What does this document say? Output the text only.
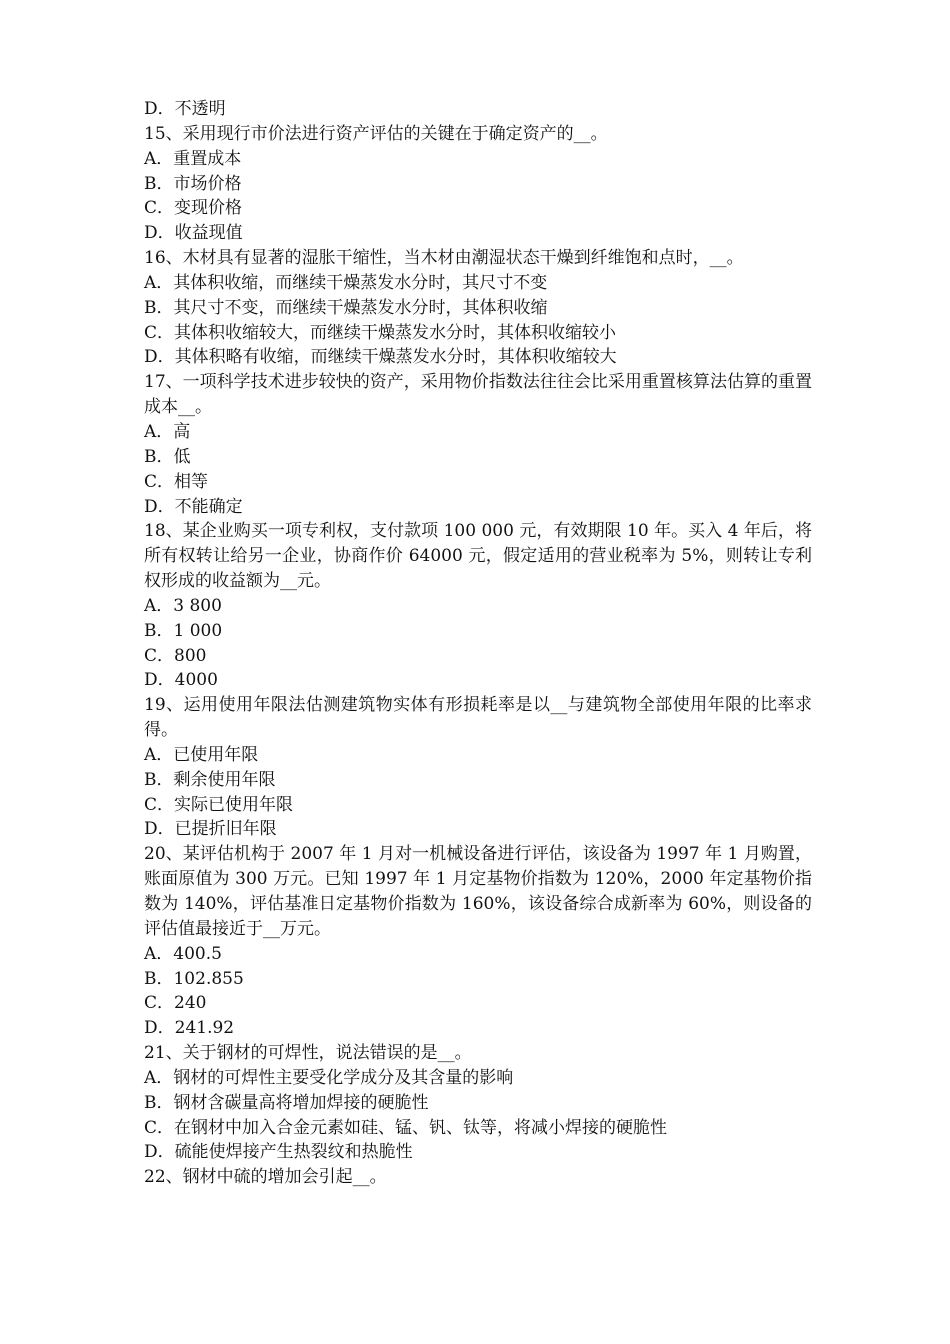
D．不透明
15、采用现行市价法进行资产评估的关键在于确定资产的__。
A．重置成本
B．市场价格
C．变现价格
D．收益现值
16、木材具有显著的湿胀干缩性，当木材由潮湿状态干燥到纤维饱和点时，__。
A．其体积收缩，而继续干燥蒸发水分时，其尺寸不变
B．其尺寸不变，而继续干燥蒸发水分时，其体积收缩
C．其体积收缩较大，而继续干燥蒸发水分时，其体积收缩较小
D．其体积略有收缩，而继续干燥蒸发水分时，其体积收缩较大
17、一项科学技术进步较快的资产，采用物价指数法往往会比采用重置核算法估算的重置成本__。
A．高
B．低
C．相等
D．不能确定
18、某企业购买一项专利权，支付款项 100 000 元，有效期限 10 年。买入 4 年后，将所有权转让给另一企业，协商作价 64000 元，假定适用的营业税率为 5%，则转让专利权形成的收益额为__元。
A．3 800
B．1 000
C．800
D．4000
19、运用使用年限法估测建筑物实体有形损耗率是以__与建筑物全部使用年限的比率求得。
A．已使用年限
B．剩余使用年限
C．实际已使用年限
D．已提折旧年限
20、某评估机构于 2007 年 1 月对一机械设备进行评估，该设备为 1997 年 1 月购置，账面原值为 300 万元。已知 1997 年 1 月定基物价指数为 120%，2000 年定基物价指数为 140%，评估基准日定基物价指数为 160%，该设备综合成新率为 60%，则设备的评估值最接近于__万元。
A．400.5
B．102.855
C．240
D．241.92
21、关于钢材的可焊性，说法错误的是__。
A．钢材的可焊性主要受化学成分及其含量的影响
B．钢材含碳量高将增加焊接的硬脆性
C．在钢材中加入合金元素如硅、锰、钒、钛等，将减小焊接的硬脆性
D．硫能使焊接产生热裂纹和热脆性
22、钢材中硫的增加会引起__。
